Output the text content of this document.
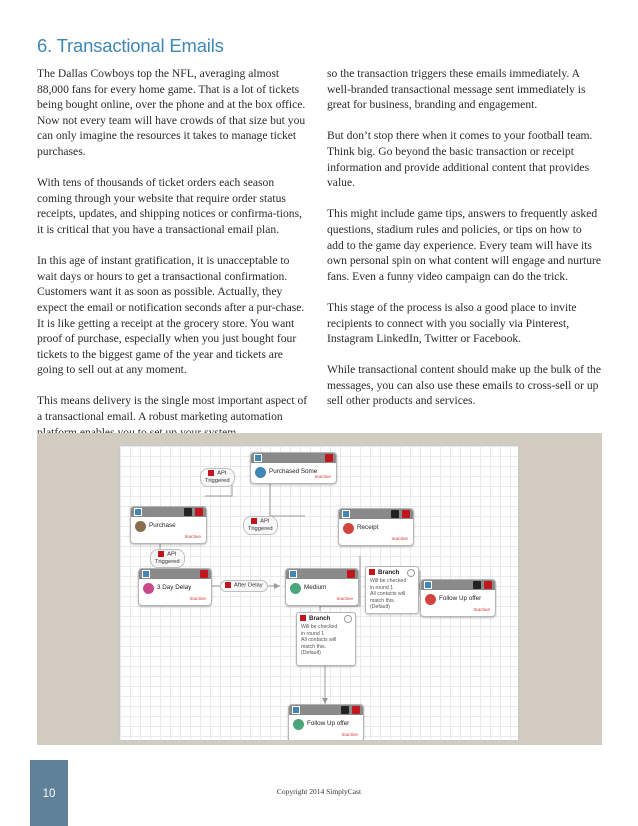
6. Transactional Emails

The Dallas Cowboys top the NFL, averaging almost 88,000 fans for every home game. That is a lot of tickets being bought online, over the phone and at the box office. Now not every team will have crowds of that size but you can only imagine the resources it takes to manage ticket purchases.

With tens of thousands of ticket orders each season coming through your website that require order status receipts, updates, and shipping notices or confirma-tions, it is critical that you have a transactional email plan.

In this age of instant gratification, it is unacceptable to wait days or hours to get a transactional confirmation. Customers want it as soon as possible. Actually, they expect the email or notification seconds after a pur-chase. It is like getting a receipt at the grocery store. You want proof of purchase, especially when you just bought four tickets to the biggest game of the year and tickets are going to sell out at any moment.

This means delivery is the single most important aspect of a transactional email. A robust marketing automation

so the transaction triggers these emails immediately. A well-branded transactional message sent immediately is great for business, branding and engagement.

But don’t stop there when it comes to your football team. Think big. Go beyond the basic transaction or receipt information and provide additional content that provides value.

This might include game tips, answers to frequently asked questions, stadium rules and policies, or tips on how to add to the game day experience. Every team will have its own personal spin on what content will engage and nurture fans. Even a funny video campaign can do the trick.

This stage of the process is also a good place to invite recipients to connect with you socially via Pinterest, Instagram LinkedIn, Twitter or Facebook.

While transactional content should make up the bulk of the messages, you can also use these emails to cross-sell or up sell other products and services.

Purchased Some
Inactive
API
Triggered
Purchase
Inactive
API
Triggered	Receipt
Inactive
API
Triggered
3 Day Delay
Inactive
After Delay	Medium
Inactive
Branch
Will be checked
in round 1
All contacts will
match this.
(Default)
Follow Up offer
Inactive
Branch
Will be checked
in round 1
All contacts will
match this.
(Default)
Follow Up offer
Inactive
10	Copyright 2014 SimplyCast
